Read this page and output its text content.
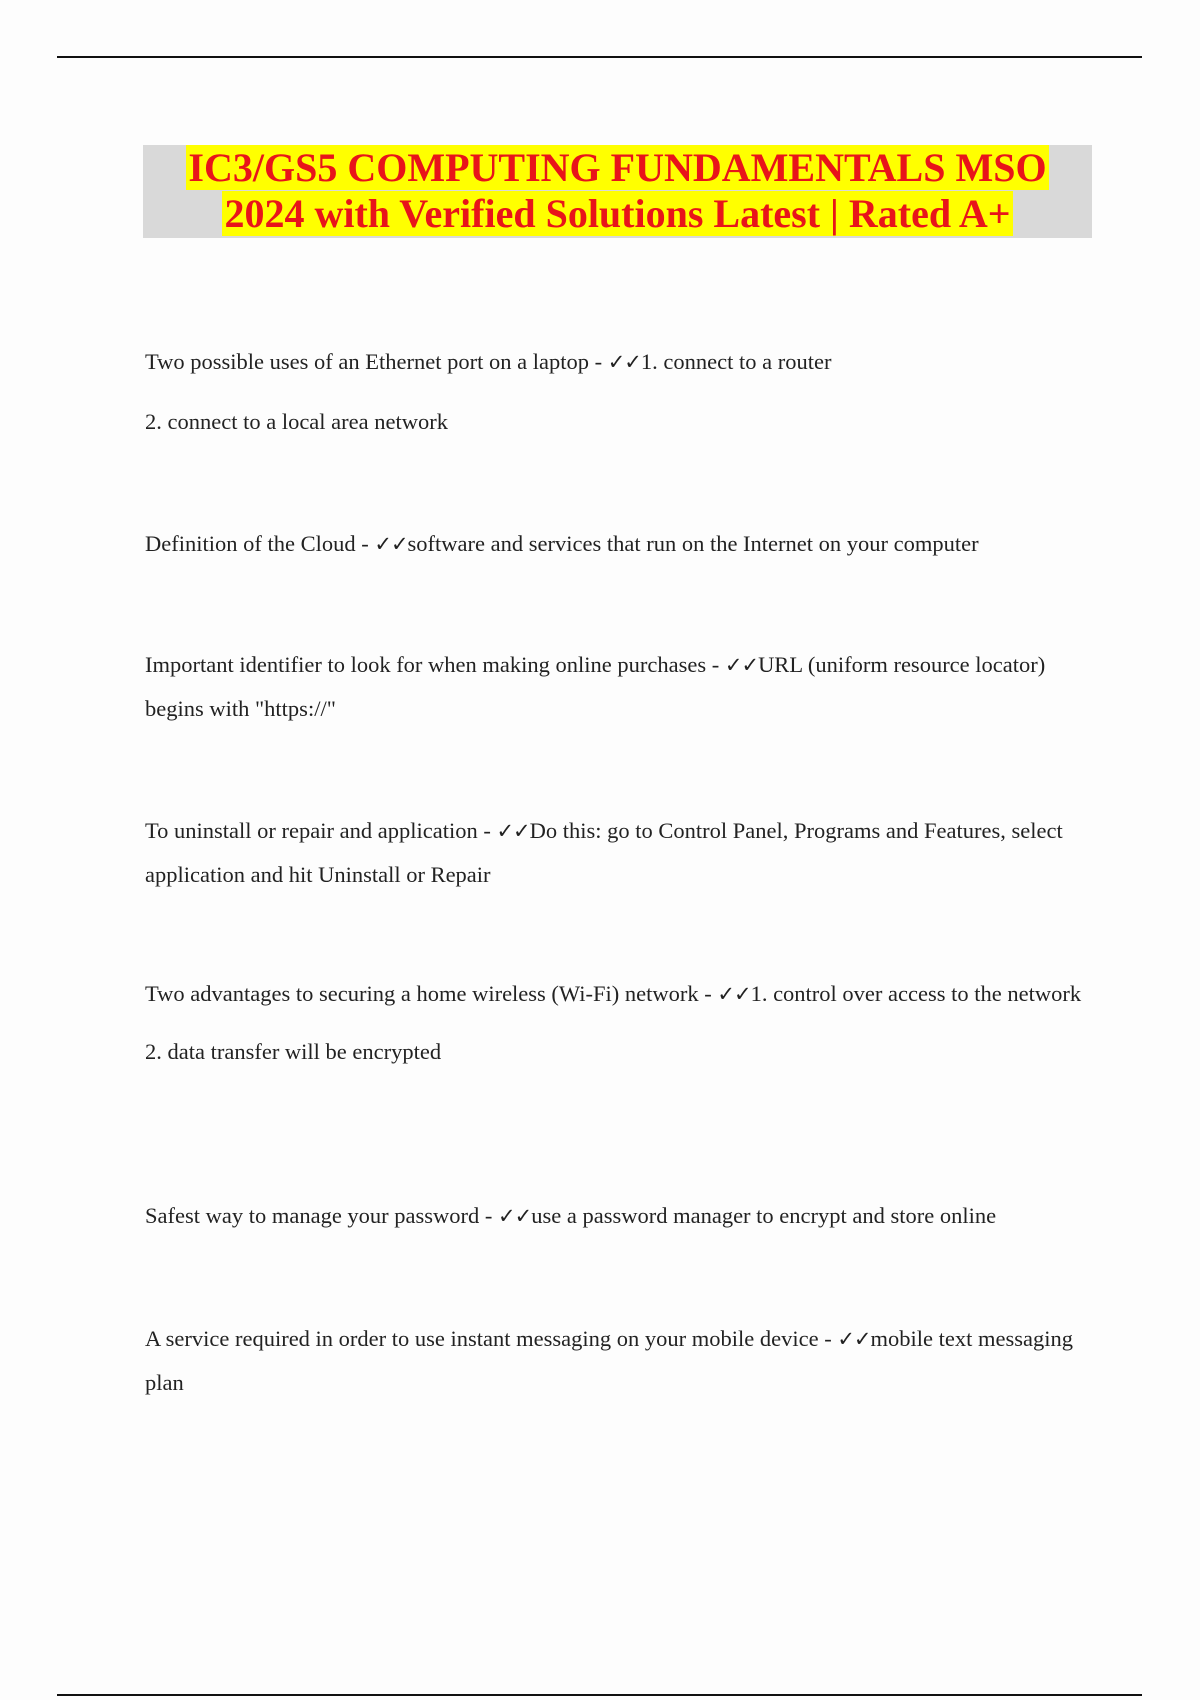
IC3/GS5 COMPUTING FUNDAMENTALS MSO
2024 with Verified Solutions Latest | Rated A+

Two possible uses of an Ethernet port on a laptop - ✓✓1. connect to a router

2. connect to a local area network

Definition of the Cloud - ✓✓software and services that run on the Internet on your computer

Important identifier to look for when making online purchases - ✓✓URL (uniform resource locator) begins with "https://"

To uninstall or repair and application - ✓✓Do this: go to Control Panel, Programs and Features, select application and hit Uninstall or Repair

Two advantages to securing a home wireless (Wi-Fi) network - ✓✓1. control over access to the network

2. data transfer will be encrypted

Safest way to manage your password - ✓✓use a password manager to encrypt and store online

A service required in order to use instant messaging on your mobile device - ✓✓mobile text messaging plan
